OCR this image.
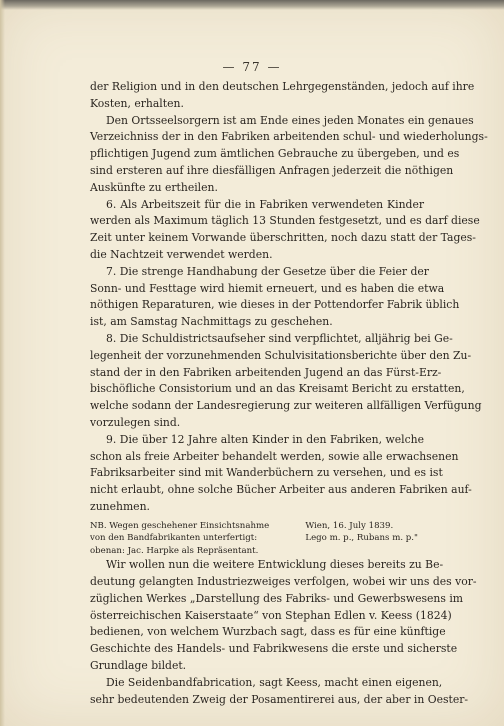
— 77 —
der Religion und in den deutschen Lehrgegenständen, jedoch auf ihre
Kosten, erhalten.
Den Ortsseelsorgern ist am Ende eines jeden Monates ein genaues
Verzeichniss der in den Fabriken arbeitenden schul- und wiederholungs-
pflichtigen Jugend zum ämtlichen Gebrauche zu übergeben, und es
sind ersteren auf ihre diesfälligen Anfragen jederzeit die nöthigen
Auskünfte zu ertheilen.
6. Als Arbeitszeit für die in Fabriken verwendeten Kinder
werden als Maximum täglich 13 Stunden festgesetzt, und es darf diese
Zeit unter keinem Vorwande überschritten, noch dazu statt der Tages-
die Nachtzeit verwendet werden.
7. Die strenge Handhabung der Gesetze über die Feier der
Sonn- und Festtage wird hiemit erneuert, und es haben die etwa
nöthigen Reparaturen, wie dieses in der Pottendorfer Fabrik üblich
ist, am Samstag Nachmittags zu geschehen.
8. Die Schuldistrictsaufseher sind verpflichtet, alljährig bei Ge-
legenheit der vorzunehmenden Schulvisitationsberichte über den Zu-
stand der in den Fabriken arbeitenden Jugend an das Fürst-Erz-
bischöfliche Consistorium und an das Kreisamt Bericht zu erstatten,
welche sodann der Landesregierung zur weiteren allfälligen Verfügung
vorzulegen sind.
9. Die über 12 Jahre alten Kinder in den Fabriken, welche
schon als freie Arbeiter behandelt werden, sowie alle erwachsenen
Fabriksarbeiter sind mit Wanderbüchern zu versehen, und es ist
nicht erlaubt, ohne solche Bücher Arbeiter aus anderen Fabriken auf-
zunehmen.
NB. Wegen geschehener Einsichtsnahme
von den Bandfabrikanten unterfertigt:
obenan: Jac. Harpke als Repräsentant.
Wien, 16. July 1839.
Lego m. p., Rubans m. p."
Wir wollen nun die weitere Entwicklung dieses bereits zu Be-
deutung gelangten Industriezweiges verfolgen, wobei wir uns des vor-
züglichen Werkes „Darstellung des Fabriks- und Gewerbswesens im
österreichischen Kaiserstaate“ von Stephan Edlen v. Keess (1824)
bedienen, von welchem Wurzbach sagt, dass es für eine künftige
Geschichte des Handels- und Fabrikwesens die erste und sicherste
Grundlage bildet.
Die Seidenbandfabrication, sagt Keess, macht einen eigenen,
sehr bedeutenden Zweig der Posamentirerei aus, der aber in Oester-
